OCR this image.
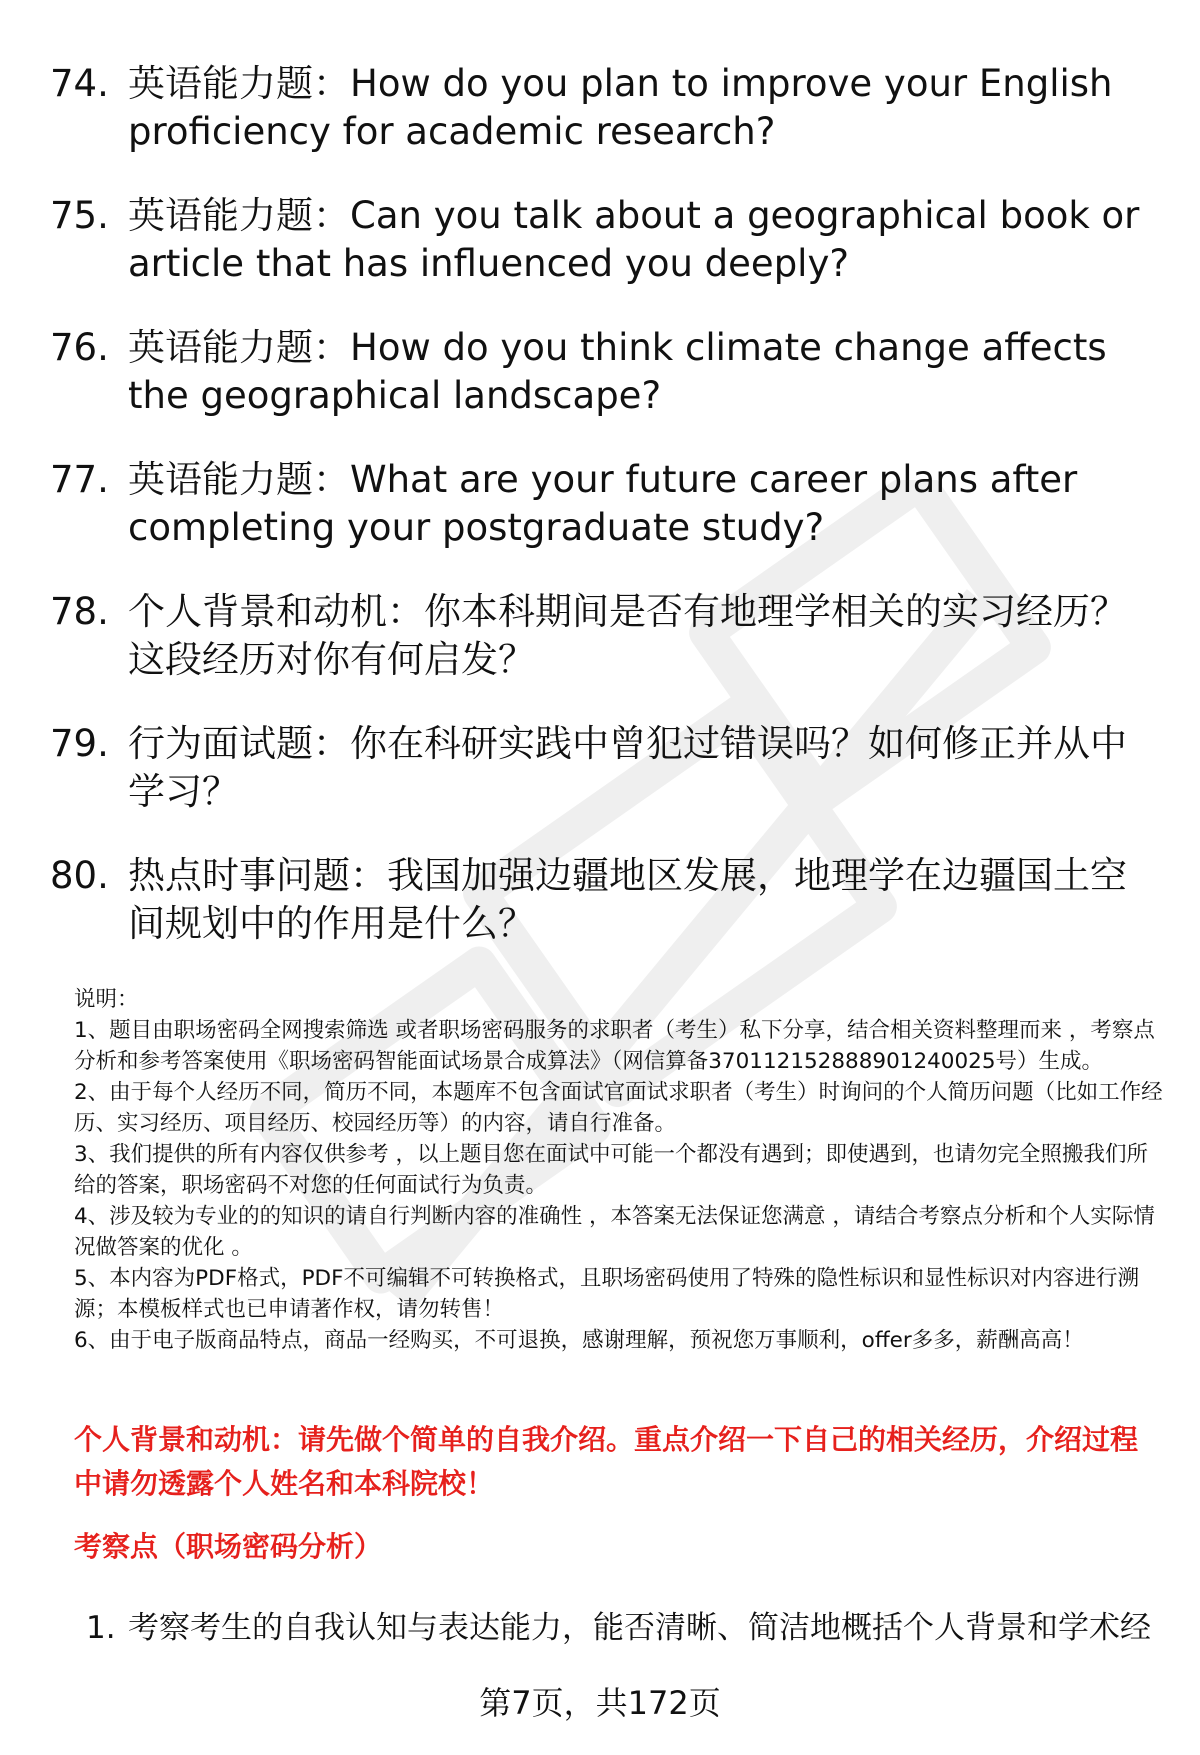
74. 英语能力题：How do you plan to improve your English proficiency for academic research?
75. 英语能力题：Can you talk about a geographical book or article that has influenced you deeply?
76. 英语能力题：How do you think climate change affects the geographical landscape?
77. 英语能力题：What are your future career plans after completing your postgraduate study?
78. 个人背景和动机：你本科期间是否有地理学相关的实习经历？这段经历对你有何启发？
79. 行为面试题：你在科研实践中曾犯过错误吗？如何修正并从中学习？
80. 热点时事问题：我国加强边疆地区发展，地理学在边疆国土空间规划中的作用是什么？

说明：

1、题目由职场密码全网搜索筛选 或者职场密码服务的求职者（考生）私下分享，结合相关资料整理而来 ，考察点分析和参考答案使用《职场密码智能面试场景合成算法》（网信算备370112152888901240025号）生成。

2、由于每个人经历不同，简历不同，本题库不包含面试官面试求职者（考生）时询问的个人简历问题（比如工作经历、实习经历、项目经历、校园经历等）的内容，请自行准备。

3、我们提供的所有内容仅供参考 ，以上题目您在面试中可能一个都没有遇到；即使遇到，也请勿完全照搬我们所给的答案，职场密码不对您的任何面试行为负责。

4、涉及较为专业的的知识的请自行判断内容的准确性 ，本答案无法保证您满意 ，请结合考察点分析和个人实际情况做答案的优化 。

5、本内容为PDF格式，PDF不可编辑不可转换格式，且职场密码使用了特殊的隐性标识和显性标识对内容进行溯源；本模板样式也已申请著作权，请勿转售！

6、由于电子版商品特点，商品一经购买，不可退换，感谢理解，预祝您万事顺利，offer多多，薪酬高高！

个人背景和动机：请先做个简单的自我介绍。重点介绍一下自己的相关经历，介绍过程中请勿透露个人姓名和本科院校！
考察点（职场密码分析）
1. 考察考生的自我认知与表达能力，能否清晰、简洁地概括个人背景和学术经
第7页，共172页
